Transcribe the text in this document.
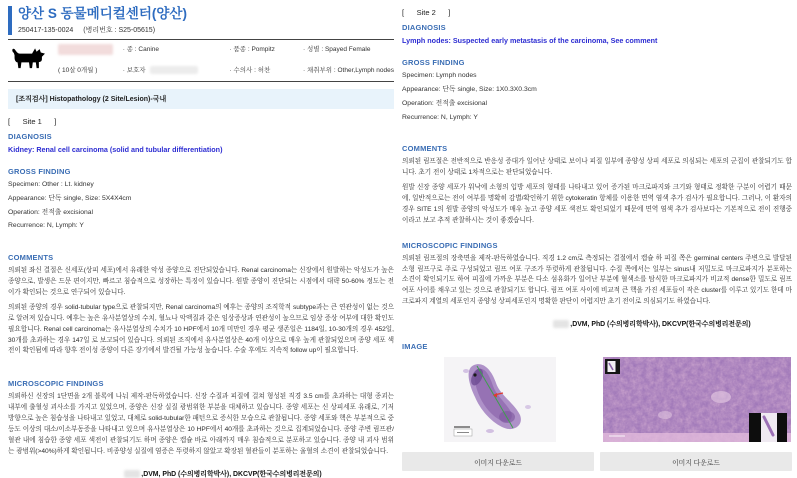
양산 S 동물메디컬센터(양산)
250417-135-0024 (병리번호 : S25-05615)
( 10살 0개월 )
· 종 : Canine
· 보호자
· 품종 : Pompitz
· 수의사 : 허찬
· 성별 : Spayed Female
· 채취부위 : Other,Lymph nodes
[조직검사] Histopathology (2 Site/Lesion)-국내
[      Site 1      ]
DIAGNOSIS
Kidney: Renal cell carcinoma (solid and tubular differentiation)
GROSS FINDING
Specimen: Other : Lt. kidney
Appearance: 단독 single, Size: 5X4X4cm
Operation: 전적출 excisional
Recurrence: N, Lymph: Y
COMMENTS
의뢰된 좌신 결절은 신세포(상피 세포)에서 유래한 악성 종양으로 진단되었습니다. Renal carcinoma는 신장에서 원발하는 악성도가 높은 종양으로, 발생은 드문 편이지만, 빠르고 침습적으로 성장하는 특징이 있습니다. 원발 종양이 진단되는 시점에서 대략 50-60% 정도는 전이가 확인되는 것으로 연구되어 있습니다.
의뢰된 종양의 경우 solid-tubular type으로 관찰되지만, Renal carcinoma의 예후는 종양의 조직학적 subtype과는 큰 연관성이 없는 것으로 알려져 있습니다. 예후는 높은 유사분열상의 수치, 혈뇨나 악액질과 같은 임상증상과 연관성이 높으므로 임상 증상 여부에 대한 확인도 필요합니다. Renal cell carcinoma는 유사분열상의 수치가 10 HPF에서 10개 미만인 경우 평균 생존일은 1184일, 10-30개의 경우 452일, 30개를 초과하는 경우 147일 로 보고되어 있습니다. 의뢰된 조직에서 유사분열상은 40개 이상으로 매우 높게 관찰되었으며 종양 세포 색전이 확인됨에 따라 향후 전이성 종양이 다른 장기에서 발견될 가능성 높습니다. 수술 후에도 지속적 follow up이 필요합니다.
MICROSCOPIC FINDINGS
의뢰하신 신장의 1단면을 2개 블록에 나눠 제작-판독하였습니다. 신장 수질과 피질에 걸쳐 형성된 직경 3.5 cm를 초과하는 대형 종괴는 내부에 출혈성 괴사소를 가지고 있었으며, 종양은 신장 실질 광범위한 부분을 대체하고 있습니다. 종양 세포는 신 상피세포 유래로, 기저방향으로 높은 침습성을 나타내고 있었고, 대체로 solid-tubular한 패턴으로 증식한 모습으로 관찰됩니다. 종양 세포와 핵은 부분적으로 중등도 이상의 대소/이소부동증을 나타내고 있으며 유사분열상은 10 HPF에서 40개를 초과하는 것으로 집계되었습니다. 종양 주변 림프관/혈관 내에 침습한 종양 세포 색전이 관찰되기도 하며 종양은 캡슐 바로 아래까지 매우 침습적으로 분포하고 있습니다. 종양 내 괴사 범위는 광범위(>40%)하게 확인됩니다. 비종양성 실질에 염증은 뚜렷하지 않았고 확장된 혈관들이 분포하는 울혈의 소견이 관찰되었습니다.
,DVM, PhD (수의병리학박사), DKCVP(한국수의병리전문의)
[      Site 2      ]
DIAGNOSIS
Lymph nodes: Suspected early metastasis of the carcinoma, See comment
GROSS FINDING
Specimen: Lymph nodes
Appearance: 단독 single, Size: 1X0.3X0.3cm
Operation: 전적출 excisional
Recurrence: N, Lymph: Y
COMMENTS
의뢰된 림프절은 전반적으로 반응성 증대가 일어난 상태로 보이나 피질 일부에 종양성 상피 세포로 의심되는 세포의 군집이 관찰되기도 합니다. 초기 전이 상태로 1차적으로는 판단되었습니다.
원발 신장 종양 세포가 워낙에 소형의 입방 세포의 형태를 나타내고 있어 증가된 마크로파지와 크기와 형태로 정확한 구분이 어렵기 때문에, 일반적으로는 전이 여부를 명확히 감별/확인하기 위한 cytokeratin 항체를 이용한 면역 염색 추가 검사가 필요합니다. 그러나, 이 환자의 경우 SITE 1의 원발 종양의 악성도가 매우 높고 종양 세포 색전도 확인되었기 때문에 면역 염색 추가 검사보다는 기본적으로 전이 진행중이라고 보고 추적 관찰하시는 것이 좋겠습니다.
MICROSCOPIC FINDINGS
의뢰된 림프절의 장축면을 제작-판독하였습니다. 직경 1.2 cm로 측정되는 결절에서 캡슐 하 피질 쪽은 germinal centers 주변으로 발달된 소형 림프구로 주로 구성되었고 림프 여포 구조가 뚜렷하게 관찰됩니다. 수질 쪽에서는 일부는 sinus내 저밀도로 마크로파지가 분포하는 소견이 확인되기도 하여 피질에 가까운 부분은 다소 섬유화가 일어난 부분에 혈색소를 탐식한 마크로파지가 비교적 dense한 밀도로 림프 여포 사이를 채우고 있는 것으로 관찰되기도 합니다. 림프 여포 사이에 비교적 큰 핵을 가진 세포들이 작은 cluster를 이루고 있기도 한데 마크로파지 계열의 세포인지 종양성 상피세포인지 명확한 판단이 어렵지만 초기 전이로 의심되기도 하였습니다.
,DVM, PhD (수의병리학박사), DKCVP(한국수의병리전문의)
IMAGE
이미지 다운로드	이미지 다운로드
